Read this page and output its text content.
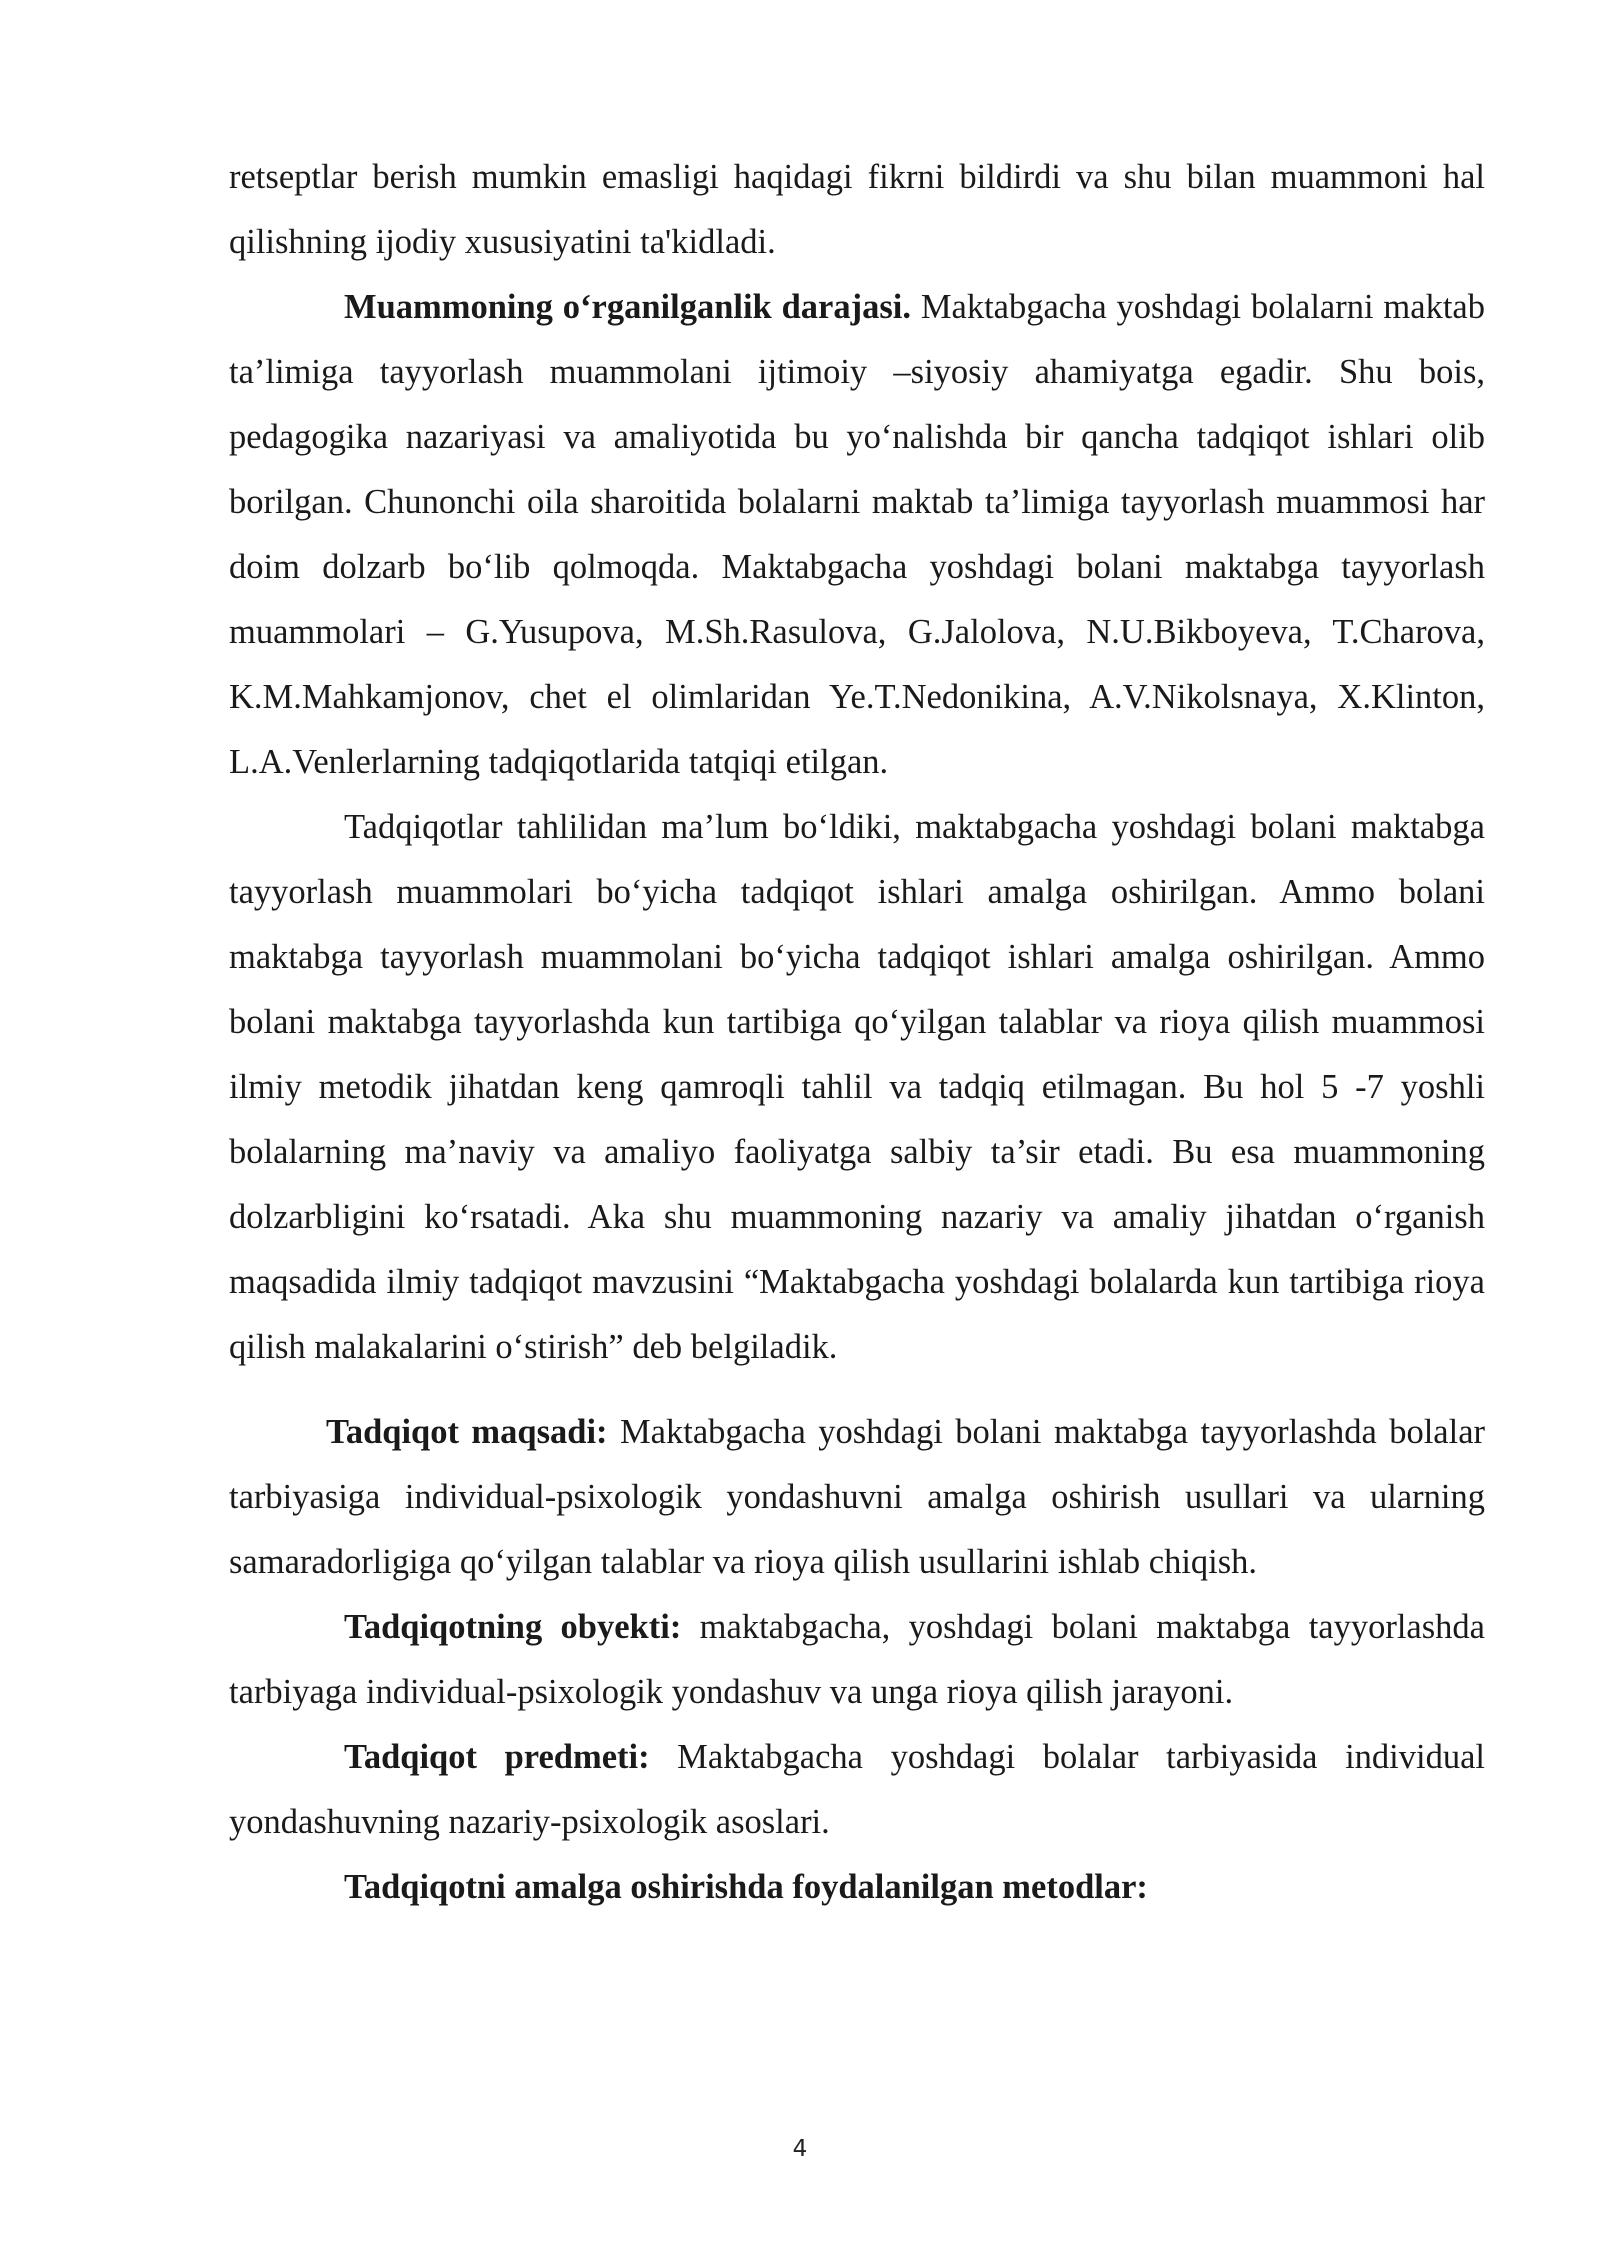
retseptlar berish mumkin emasligi haqidagi fikrni bildirdi va shu bilan muammoni hal qilishning ijodiy xususiyatini ta'kidladi.

Muammoning o‘rganilganlik darajasi. Maktabgacha yoshdagi bolalarni maktab ta’limiga tayyorlash muammolani ijtimoiy –siyosiy ahamiyatga egadir. Shu bois, pedagogika nazariyasi va amaliyotida bu yo‘nalishda bir qancha tadqiqot ishlari olib borilgan. Chunonchi oila sharoitida bolalarni maktab ta’limiga tayyorlash muammosi har doim dolzarb bo‘lib qolmoqda. Maktabgacha yoshdagi bolani maktabga tayyorlash muammolari – G.Yusupova, M.Sh.Rasulova, G.Jalolova, N.U.Bikboyeva, T.Charova, K.M.Mahkamjonov, chet el olimlaridan Ye.T.Nedonikina, A.V.Nikolsnaya, X.Klinton, L.A.Venlerlarning tadqiqotlarida tatqiqi etilgan.

Tadqiqotlar tahlilidan ma’lum bo‘ldiki, maktabgacha yoshdagi bolani maktabga tayyorlash muammolari bo‘yicha tadqiqot ishlari amalga oshirilgan. Ammo bolani maktabga tayyorlash muammolani bo‘yicha tadqiqot ishlari amalga oshirilgan. Ammo bolani maktabga tayyorlashda kun tartibiga qo‘yilgan talablar va rioya qilish muammosi ilmiy metodik jihatdan keng qamroqli tahlil va tadqiq etilmagan. Bu hol 5 -7 yoshli bolalarning ma’naviy va amaliyo faoliyatga salbiy ta’sir etadi. Bu esa muammoning dolzarbligini ko‘rsatadi. Aka shu muammoning nazariy va amaliy jihatdan o‘rganish maqsadida ilmiy tadqiqot mavzusini “Maktabgacha yoshdagi bolalarda kun tartibiga rioya qilish malakalarini o‘stirish” deb belgiladik.

Tadqiqot maqsadi: Maktabgacha yoshdagi bolani maktabga tayyorlashda bolalar tarbiyasiga individual-psixologik yondashuvni amalga oshirish usullari va ularning samaradorligiga qo‘yilgan talablar va rioya qilish usullarini ishlab chiqish.

Tadqiqotning obyekti: maktabgacha, yoshdagi bolani maktabga tayyorlashda tarbiyaga individual-psixologik yondashuv va unga rioya qilish jarayoni.

Tadqiqot predmeti: Maktabgacha yoshdagi bolalar tarbiyasida individual yondashuvning nazariy-psixologik asoslari.

Tadqiqotni amalga oshirishda foydalanilgan metodlar:

4
